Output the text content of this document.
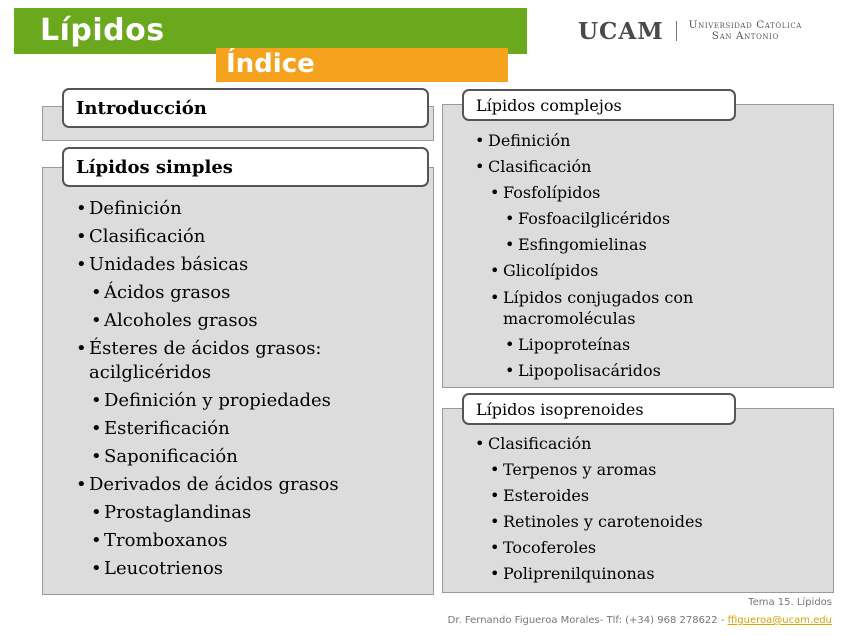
Lípidos
Índice
UCAM Universidad Católica
San Antonio
Introducción
Lípidos simples
• Definición
• Clasificación
• Unidades básicas
• Ácidos grasos
• Alcoholes grasos
• Ésteres de ácidos grasos: acilglicéridos
• Definición y propiedades
• Esterificación
• Saponificación
• Derivados de ácidos grasos
• Prostaglandinas
• Tromboxanos
• Leucotrienos
Lípidos complejos
• Definición
• Clasificación
• Fosfolípidos
• Fosfoacilglicéridos
• Esfingomielinas
• Glicolípidos
• Lípidos conjugados con macromoléculas
• Lipoproteínas
• Lipopolisacáridos
Lípidos isoprenoides
• Clasificación
• Terpenos y aromas
• Esteroides
• Retinoles y carotenoides
• Tocoferoles
• Poliprenilquinonas
Tema 15. Lípidos
Dr. Fernando Figueroa Morales- Tlf: (+34) 968 278622 - ffigueroa@ucam.edu
